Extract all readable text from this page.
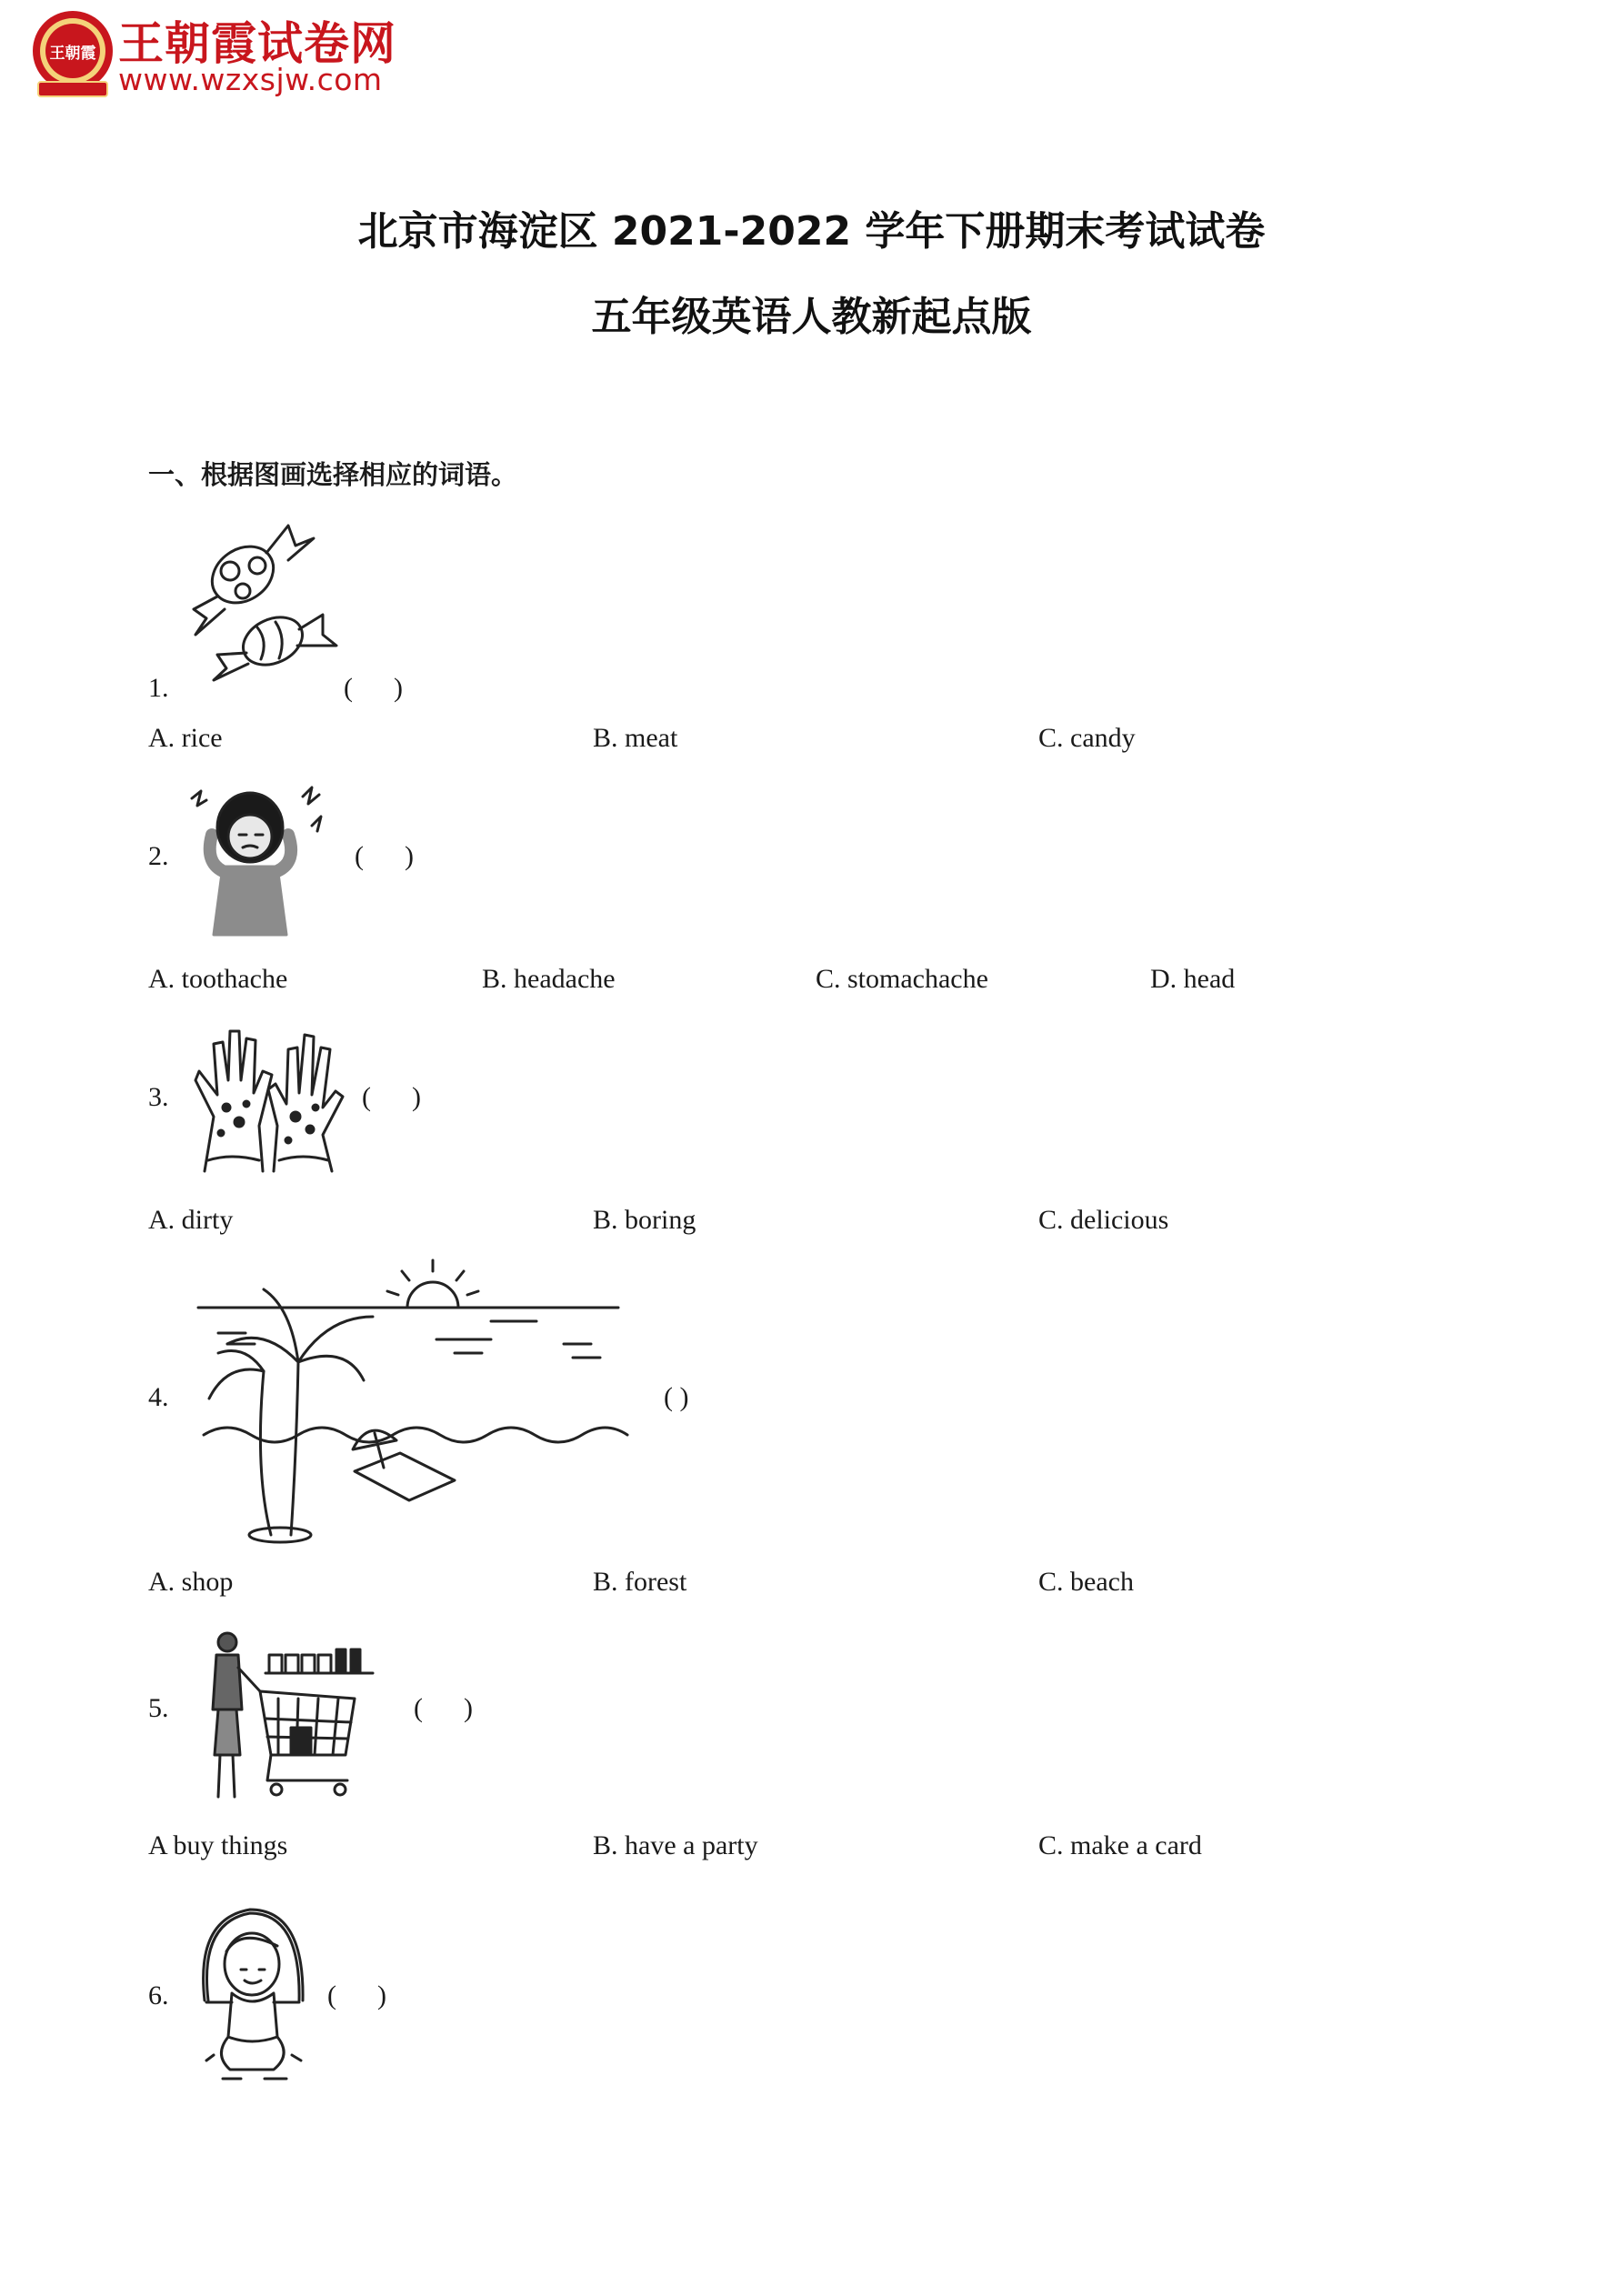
王朝霞 王朝霞试卷网
www.wzxsjw.com
北京市海淀区 2021-2022 学年下册期末考试试卷
五年级英语人教新起点版
一、根据图画选择相应的词语。
1.	(      )
A. rice	B. meat	C. candy
2.	(      )
A. toothache	B. headache	C. stomachache	D. head
3.	(      )
A. dirty	B. boring	C. delicious
4.	( )
A. shop	B. forest	C. beach
5.	(      )
A buy things	B. have a party	C. make a card
6.	(      )
